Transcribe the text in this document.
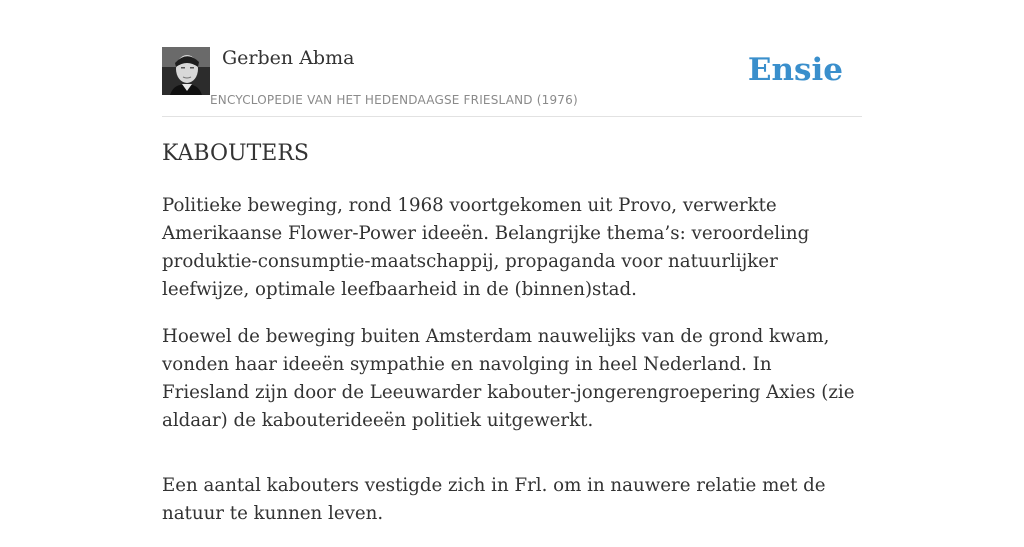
Gerben Abma
ENCYCLOPEDIE VAN HET HEDENDAAGSE FRIESLAND (1976)
Ensie
KABOUTERS

Politieke beweging, rond 1968 voortgekomen uit Provo, verwerkte Amerikaanse Flower-Power ideeën. Belangrijke thema’s: veroordeling produktie-consumptie-maatschappij, propaganda voor natuurlijker leefwijze, optimale leefbaarheid in de (binnen)stad.

Hoewel de beweging buiten Amsterdam nauwelijks van de grond kwam, vonden haar ideeën sympathie en navolging in heel Nederland. In Friesland zijn door de Leeuwarder kabouter-jongerengroepering Axies (zie aldaar) de kabouterideeën politiek uitgewerkt.

Een aantal kabouters vestigde zich in Frl. om in nauwere relatie met de natuur te kunnen leven.
